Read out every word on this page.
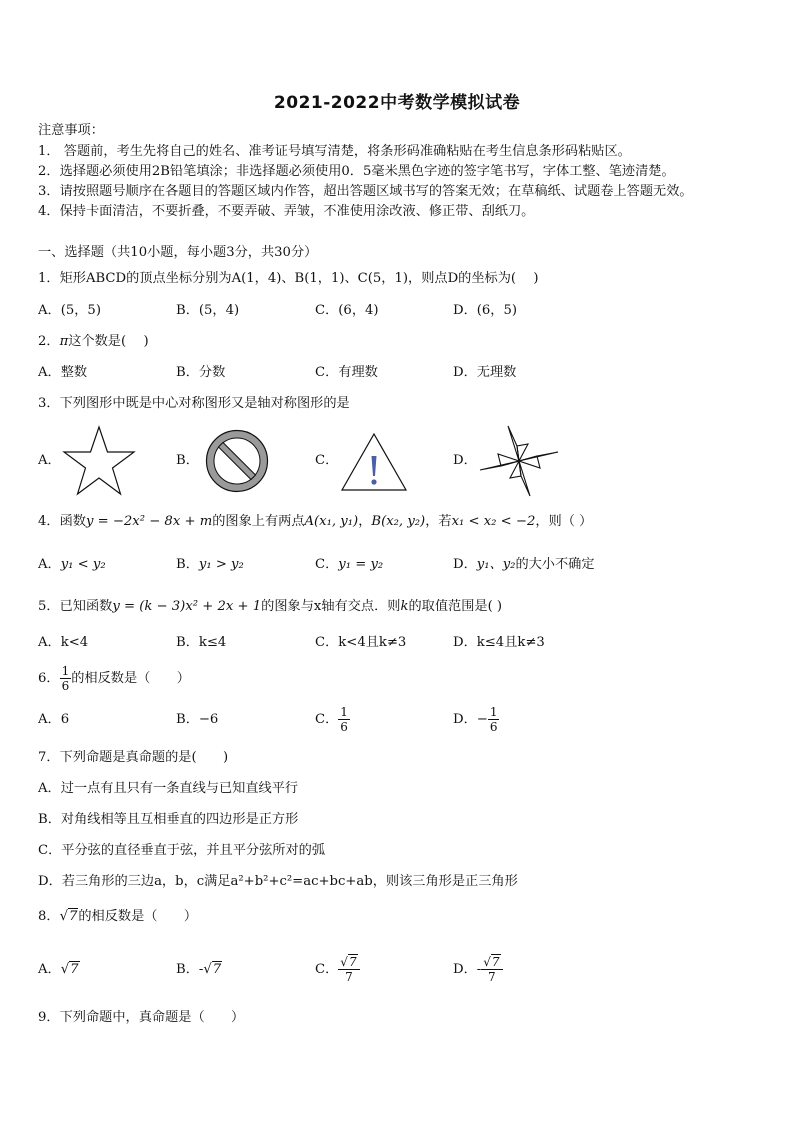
2021-2022中考数学模拟试卷
注意事项：
1． 答题前，考生先将自己的姓名、准考证号填写清楚，将条形码准确粘贴在考生信息条形码粘贴区。
2．选择题必须使用2B铅笔填涂；非选择题必须使用0．5毫米黑色字迹的签字笔书写，字体工整、笔迹清楚。
3．请按照题号顺序在各题目的答题区域内作答，超出答题区域书写的答案无效；在草稿纸、试题卷上答题无效。
4．保持卡面清洁，不要折叠，不要弄破、弄皱，不准使用涂改液、修正带、刮纸刀。
一、选择题（共10小题，每小题3分，共30分）
1．矩形ABCD的顶点坐标分别为A(1，4)、B(1，1)、C(5，1)，则点D的坐标为(　 )
A．(5，5)	B．(5，4)	C．(6，4)	D．(6，5)
2．π这个数是(　 )
A．整数	B．分数	C．有理数	D．无理数
3．下列图形中既是中心对称图形又是轴对称图形的是
A．	B．	C．	D．
4．函数y = −2x² − 8x + m的图象上有两点A(x₁, y₁)，B(x₂, y₂)，若x₁ < x₂ < −2，则（ ）
A．y₁ < y₂	B．y₁ > y₂	C．y₁ = y₂	D．y₁、y₂的大小不确定
5．已知函数y = (k − 3)x² + 2x + 1的图象与x轴有交点．则k的取值范围是( )
A．k<4	B．k≤4	C．k<4且k≠3	D．k≤4且k≠3
6． $\frac{1}{6}$ 的相反数是（　　）
A．6	B．−6	C． $\frac{1}{6}$	D．− $\frac{1}{6}$
7．下列命题是真命题的是(　　)
A．过一点有且只有一条直线与已知直线平行
B．对角线相等且互相垂直的四边形是正方形
C．平分弦的直径垂直于弦，并且平分弦所对的弧
D．若三角形的三边a，b，c满足a²+b²+c²=ac+bc+ab，则该三角形是正三角形
8．√7的相反数是（　　）
A．√7	B．-√7	C． $\frac{√7}{7}$	D．- $\frac{√7}{7}$
9．下列命题中，真命题是（　　）
